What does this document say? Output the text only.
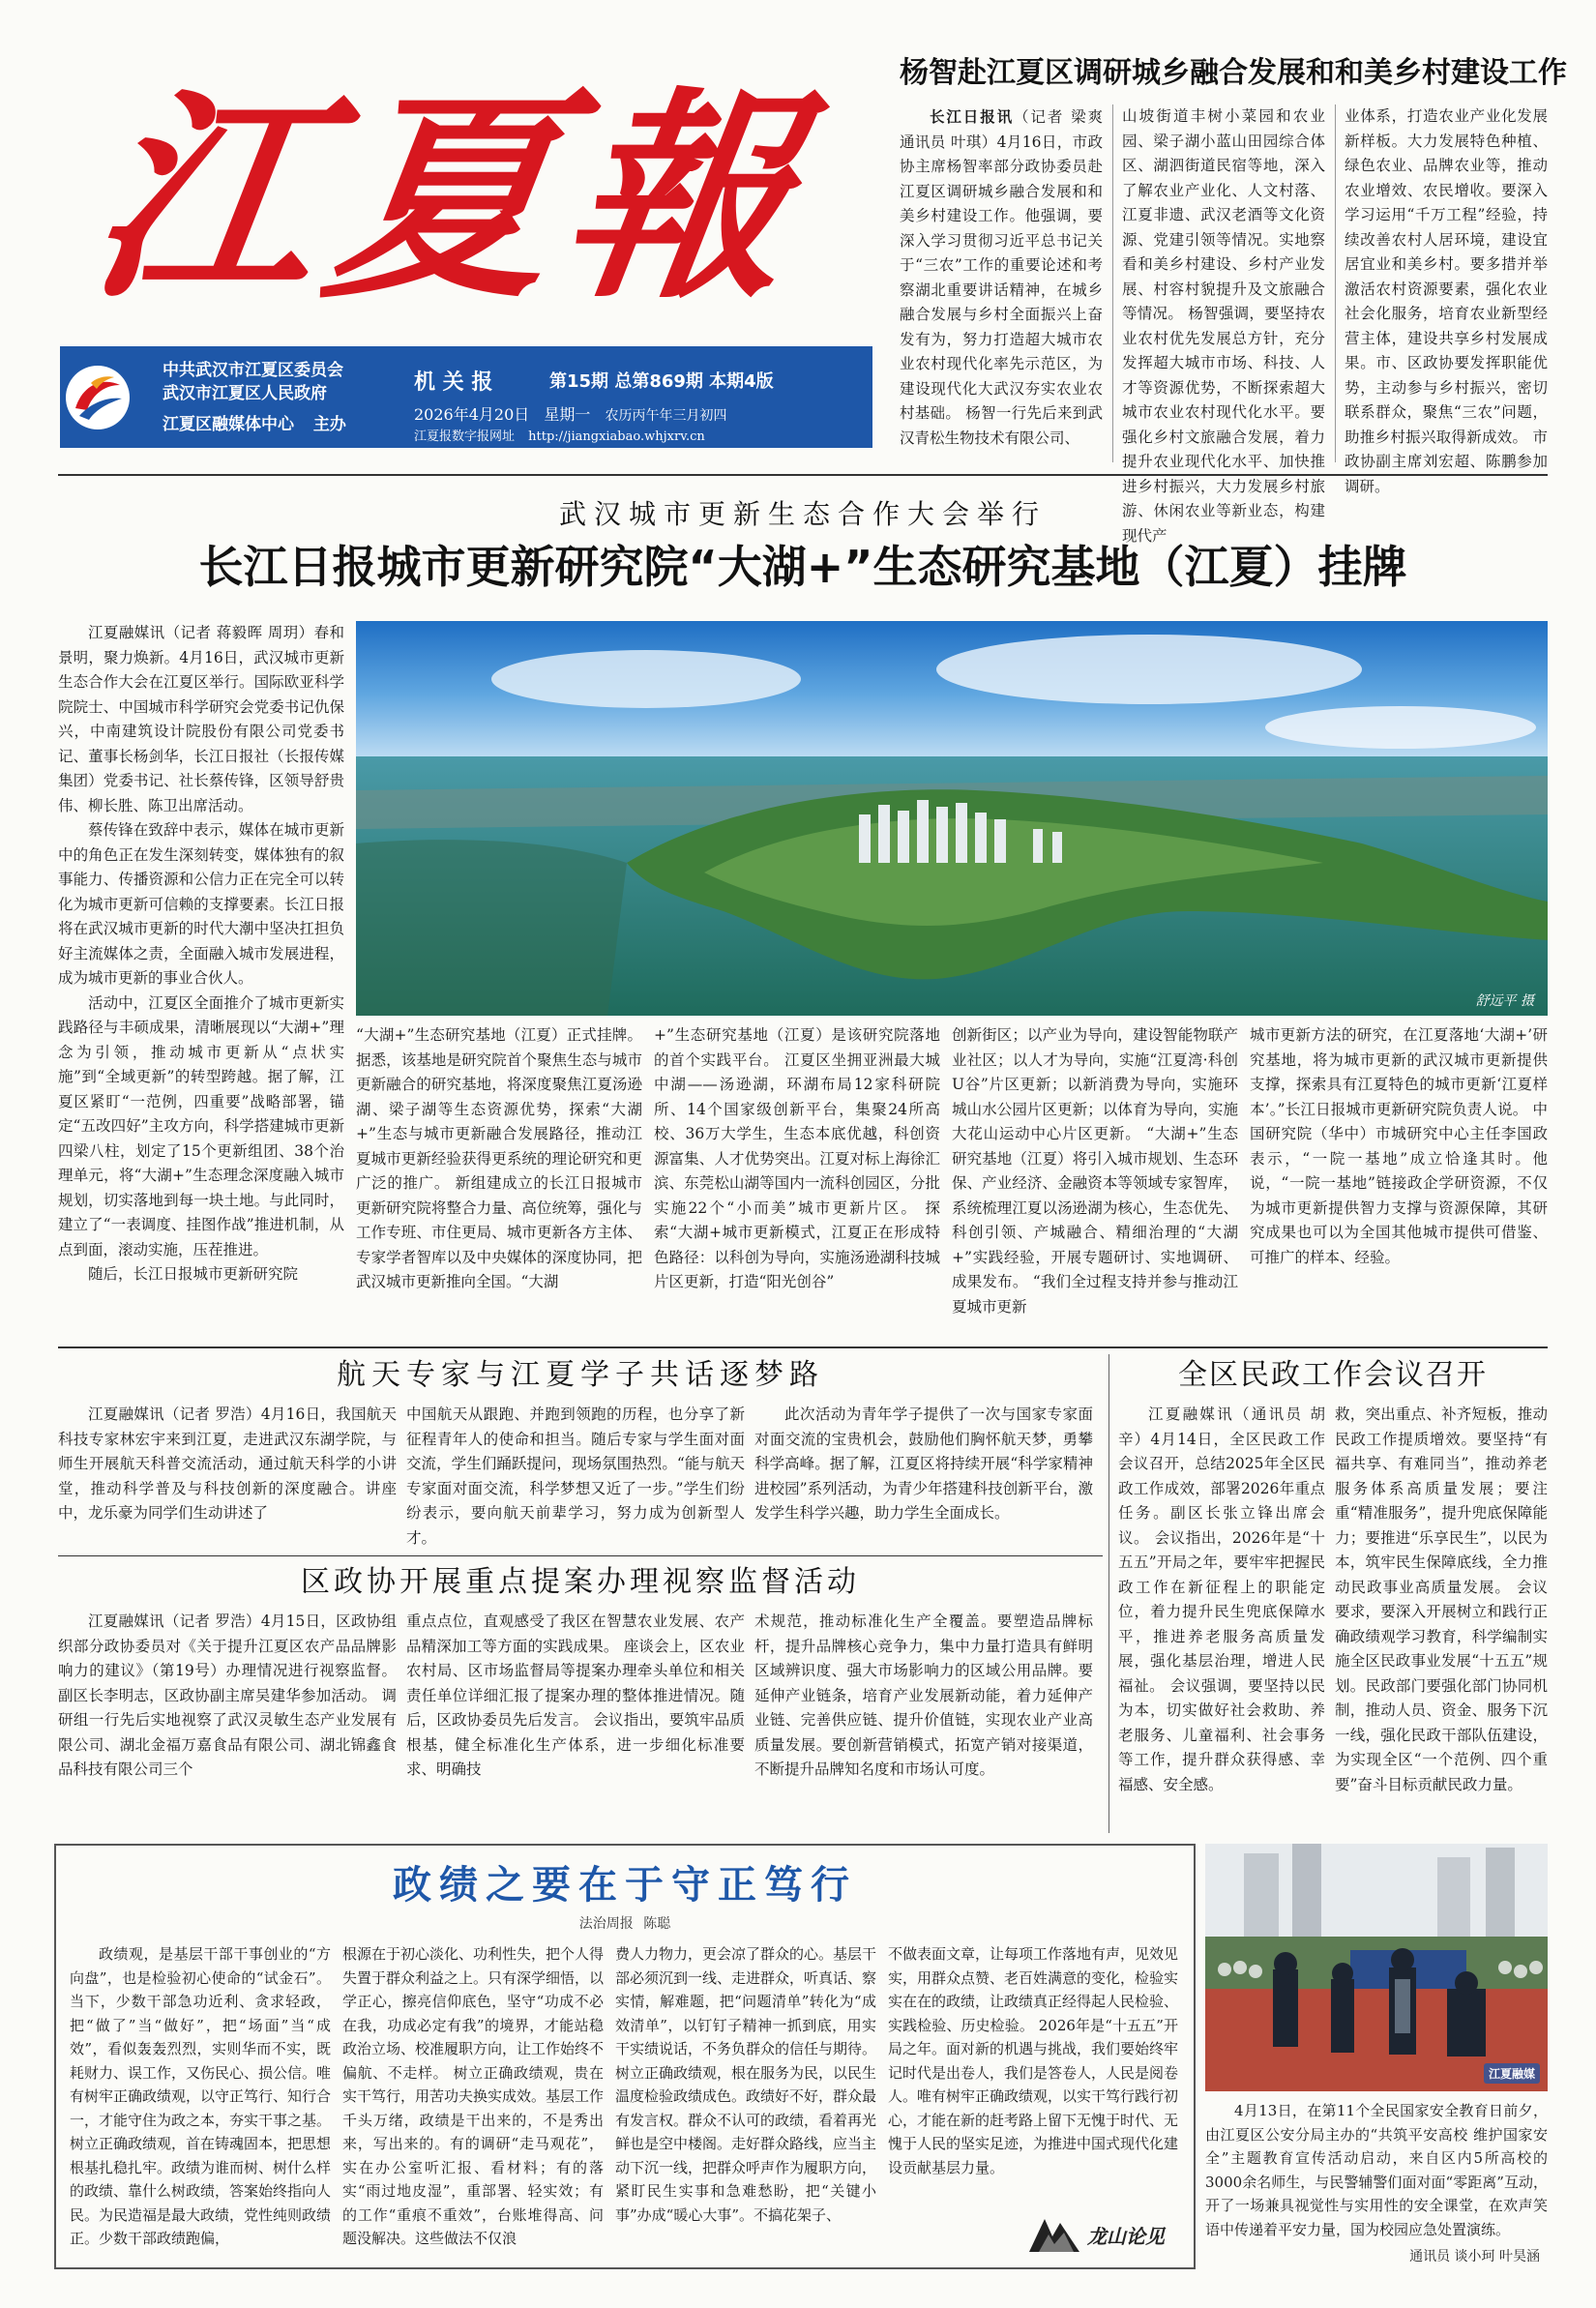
江夏報
中共武汉市江夏区委员会
武汉市江夏区人民政府	机 关 报	第15期 总第869期 本期4版
江夏区融媒体中心 主办
2026年4月20日 星期一 农历丙午年三月初四
江夏报数字报网址 http://jiangxiabao.whjxrv.cn
杨智赴江夏区调研城乡融合发展和和美乡村建设工作

长江日报讯（记者 梁爽 通讯员 叶琪）4月16日，市政协主席杨智率部分政协委员赴江夏区调研城乡融合发展和和美乡村建设工作。他强调，要深入学习贯彻习近平总书记关于“三农”工作的重要论述和考察湖北重要讲话精神，在城乡融合发展与乡村全面振兴上奋发有为，努力打造超大城市农业农村现代化率先示范区，为建设现代化大武汉夯实农业农村基础。 杨智一行先后来到武汉青松生物技术有限公司、

山坡街道丰树小菜园和农业园、梁子湖小蓝山田园综合体区、湖泗街道民宿等地，深入了解农业产业化、人文村落、江夏非遗、武汉老酒等文化资源、党建引领等情况。实地察看和美乡村建设、乡村产业发展、村容村貌提升及文旅融合等情况。 杨智强调，要坚持农业农村优先发展总方针，充分发挥超大城市市场、科技、人才等资源优势，不断探索超大城市农业农村现代化水平。要强化乡村文旅融合发展，着力提升农业现代化水平、加快推进乡村振兴，大力发展乡村旅游、休闲农业等新业态，构建现代产

业体系，打造农业产业化发展新样板。大力发展特色种植、绿色农业、品牌农业等，推动农业增效、农民增收。要深入学习运用“千万工程”经验，持续改善农村人居环境，建设宜居宜业和美乡村。要多措并举激活农村资源要素，强化农业社会化服务，培育农业新型经营主体，建设共享乡村发展成果。市、区政协要发挥职能优势，主动参与乡村振兴，密切联系群众，聚焦“三农”问题，助推乡村振兴取得新成效。 市政协副主席刘宏超、陈鹏参加调研。

武汉城市更新生态合作大会举行
长江日报城市更新研究院“大湖+”生态研究基地（江夏）挂牌
舒远平 摄

江夏融媒讯（记者 蒋毅晖 周玥）春和景明，聚力焕新。4月16日，武汉城市更新生态合作大会在江夏区举行。国际欧亚科学院院士、中国城市科学研究会党委书记仇保兴，中南建筑设计院股份有限公司党委书记、董事长杨剑华，长江日报社（长报传媒集团）党委书记、社长蔡传锋，区领导舒贵伟、柳长胜、陈卫出席活动。

蔡传锋在致辞中表示，媒体在城市更新中的角色正在发生深刻转变，媒体独有的叙事能力、传播资源和公信力正在完全可以转化为城市更新可信赖的支撑要素。长江日报将在武汉城市更新的时代大潮中坚决扛担负好主流媒体之责，全面融入城市发展进程，成为城市更新的事业合伙人。

活动中，江夏区全面推介了城市更新实践路径与丰硕成果，清晰展现以“大湖+”理念为引领，推动城市更新从“点状实施”到“全域更新”的转型跨越。据了解，江夏区紧盯“一范例，四重要”战略部署，锚定“五改四好”主攻方向，科学搭建城市更新四梁八柱，划定了15个更新组团、38个治理单元，将“大湖+”生态理念深度融入城市规划，切实落地到每一块土地。与此同时，建立了“一表调度、挂图作战”推进机制，从点到面，滚动实施，压茬推进。

随后，长江日报城市更新研究院

“大湖+”生态研究基地（江夏）正式挂牌。据悉，该基地是研究院首个聚焦生态与城市更新融合的研究基地，将深度聚焦江夏汤逊湖、梁子湖等生态资源优势，探索“大湖+”生态与城市更新融合发展路径，推动江夏城市更新经验获得更系统的理论研究和更广泛的推广。 新组建成立的长江日报城市更新研究院将整合力量、高位统筹，强化与工作专班、市住更局、城市更新各方主体、专家学者智库以及中央媒体的深度协同，把武汉城市更新推向全国。“大湖

+”生态研究基地（江夏）是该研究院落地的首个实践平台。 江夏区坐拥亚洲最大城中湖——汤逊湖，环湖布局12家科研院所、14个国家级创新平台，集聚24所高校、36万大学生，生态本底优越，科创资源富集、人才优势突出。江夏对标上海徐汇滨、东莞松山湖等国内一流科创园区，分批实施22个“小而美”城市更新片区。 探索“大湖+城市更新模式，江夏正在形成特色路径：以科创为导向，实施汤逊湖科技城片区更新，打造“阳光创谷”

创新街区；以产业为导向，建设智能物联产业社区；以人才为导向，实施“江夏湾·科创U谷”片区更新；以新消费为导向，实施环城山水公园片区更新；以体育为导向，实施大花山运动中心片区更新。 “大湖+”生态研究基地（江夏）将引入城市规划、生态环保、产业经济、金融资本等领域专家智库，系统梳理江夏以汤逊湖为核心，生态优先、科创引领、产城融合、精细治理的“大湖+”实践经验，开展专题研讨、实地调研、成果发布。 “我们全过程支持并参与推动江夏城市更新

城市更新方法的研究，在江夏落地‘大湖+’研究基地，将为城市更新的武汉城市更新提供支撑，探索具有江夏特色的城市更新‘江夏样本’。”长江日报城市更新研究院负责人说。 中国研究院（华中）市城研究中心主任李国政表示，“一院一基地”成立恰逢其时。他说，“一院一基地”链接政企学研资源，不仅为城市更新提供智力支撑与资源保障，其研究成果也可以为全国其他城市提供可借鉴、可推广的样本、经验。

航天专家与江夏学子共话逐梦路

江夏融媒讯（记者 罗浩）4月16日，我国航天科技专家林宏宇来到江夏，走进武汉东湖学院，与师生开展航天科普交流活动，通过航天科学的小讲堂，推动科学普及与科技创新的深度融合。讲座中，龙乐豪为同学们生动讲述了

中国航天从跟跑、并跑到领跑的历程，也分享了新征程青年人的使命和担当。随后专家与学生面对面交流，学生们踊跃提问，现场氛围热烈。“能与航天专家面对面交流，科学梦想又近了一步。”学生们纷纷表示，要向航天前辈学习，努力成为创新型人才。

此次活动为青年学子提供了一次与国家专家面对面交流的宝贵机会，鼓励他们胸怀航天梦，勇攀科学高峰。据了解，江夏区将持续开展“科学家精神进校园”系列活动，为青少年搭建科技创新平台，激发学生科学兴趣，助力学生全面成长。

区政协开展重点提案办理视察监督活动

江夏融媒讯（记者 罗浩）4月15日，区政协组织部分政协委员对《关于提升江夏区农产品品牌影响力的建议》（第19号）办理情况进行视察监督。副区长李明志，区政协副主席吴建华参加活动。 调研组一行先后实地视察了武汉灵敏生态产业发展有限公司、湖北金福万嘉食品有限公司、湖北锦鑫食品科技有限公司三个

重点点位，直观感受了我区在智慧农业发展、农产品精深加工等方面的实践成果。 座谈会上，区农业农村局、区市场监督局等提案办理牵头单位和相关责任单位详细汇报了提案办理的整体推进情况。随后，区政协委员先后发言。 会议指出，要筑牢品质根基，健全标准化生产体系，进一步细化标准要求、明确技

术规范，推动标准化生产全覆盖。要塑造品牌标杆，提升品牌核心竞争力，集中力量打造具有鲜明区域辨识度、强大市场影响力的区域公用品牌。要延伸产业链条，培育产业发展新动能，着力延伸产业链、完善供应链、提升价值链，实现农业产业高质量发展。要创新营销模式，拓宽产销对接渠道，不断提升品牌知名度和市场认可度。

全区民政工作会议召开

江夏融媒讯（通讯员 胡辛）4月14日，全区民政工作会议召开，总结2025年全区民政工作成效，部署2026年重点任务。副区长张立锋出席会议。 会议指出，2026年是“十五五”开局之年，要牢牢把握民政工作在新征程上的职能定位，着力提升民生兜底保障水平，推进养老服务高质量发展，强化基层治理，增进人民福祉。 会议强调，要坚持以民为本，切实做好社会救助、养老服务、儿童福利、社会事务等工作，提升群众获得感、幸福感、安全感。

救，突出重点、补齐短板，推动民政工作提质增效。要坚持“有福共享、有难同当”，推动养老服务体系高质量发展；要注重“精准服务”，提升兜底保障能力；要推进“乐享民生”，以民为本，筑牢民生保障底线，全力推动民政事业高质量发展。 会议要求，要深入开展树立和践行正确政绩观学习教育，科学编制实施全区民政事业发展“十五五”规划。民政部门要强化部门协同机制，推动人员、资金、服务下沉一线，强化民政干部队伍建设，为实现全区“一个范例、四个重要”奋斗目标贡献民政力量。

政绩之要在于守正笃行
法治周报 陈聪

政绩观，是基层干部干事创业的“方向盘”，也是检验初心使命的“试金石”。当下，少数干部急功近利、贪求轻政，把“做了”当“做好”，把“场面”当“成效”，看似轰轰烈烈，实则华而不实，既耗财力、误工作，又伤民心、损公信。唯有树牢正确政绩观，以守正笃行、知行合一，才能守住为政之本，夯实干事之基。 树立正确政绩观，首在铸魂固本，把思想根基扎稳扎牢。政绩为谁而树、树什么样的政绩、靠什么树政绩，答案始终指向人民。为民造福是最大政绩，党性纯则政绩正。少数干部政绩跑偏，

根源在于初心淡化、功利性失，把个人得失置于群众利益之上。只有深学细悟，以学正心，擦亮信仰底色，坚守“功成不必在我，功成必定有我”的境界，才能站稳政治立场、校准履职方向，让工作始终不偏航、不走样。 树立正确政绩观，贵在实干笃行，用苦功夫换实成效。基层工作千头万绪，政绩是干出来的，不是秀出来，写出来的。有的调研“走马观花”，实在办公室听汇报、看材料；有的落实“雨过地皮湿”，重部署、轻实效；有的工作“重痕不重效”，台账堆得高、问题没解决。这些做法不仅浪

费人力物力，更会凉了群众的心。基层干部必须沉到一线、走进群众，听真话、察实情，解难题，把“问题清单”转化为“成效清单”，以钉钉子精神一抓到底，用实干实绩说话，不务负群众的信任与期待。 树立正确政绩观，根在服务为民，以民生温度检验政绩成色。政绩好不好，群众最有发言权。群众不认可的政绩，看着再光鲜也是空中楼阁。走好群众路线，应当主动下沉一线，把群众呼声作为履职方向，紧盯民生实事和急难愁盼，把“关键小事”办成“暖心大事”。不搞花架子、

不做表面文章，让每项工作落地有声，见效见实，用群众点赞、老百姓满意的变化，检验实实在在的政绩，让政绩真正经得起人民检验、实践检验、历史检验。 2026年是“十五五”开局之年。面对新的机遇与挑战，我们要始终牢记时代是出卷人，我们是答卷人，人民是阅卷人。唯有树牢正确政绩观，以实干笃行践行初心，才能在新的赶考路上留下无愧于时代、无愧于人民的坚实足迹，为推进中国式现代化建设贡献基层力量。

龙山论见
江夏融媒

4月13日，在第11个全民国家安全教育日前夕，由江夏区公安分局主办的“共筑平安高校 维护国家安全”主题教育宣传活动启动，来自区内5所高校的3000余名师生，与民警辅警们面对面“零距离”互动，开了一场兼具视觉性与实用性的安全课堂，在欢声笑语中传递着平安力量，国为校园应急处置演练。

通讯员 谈小珂 叶昊涵
